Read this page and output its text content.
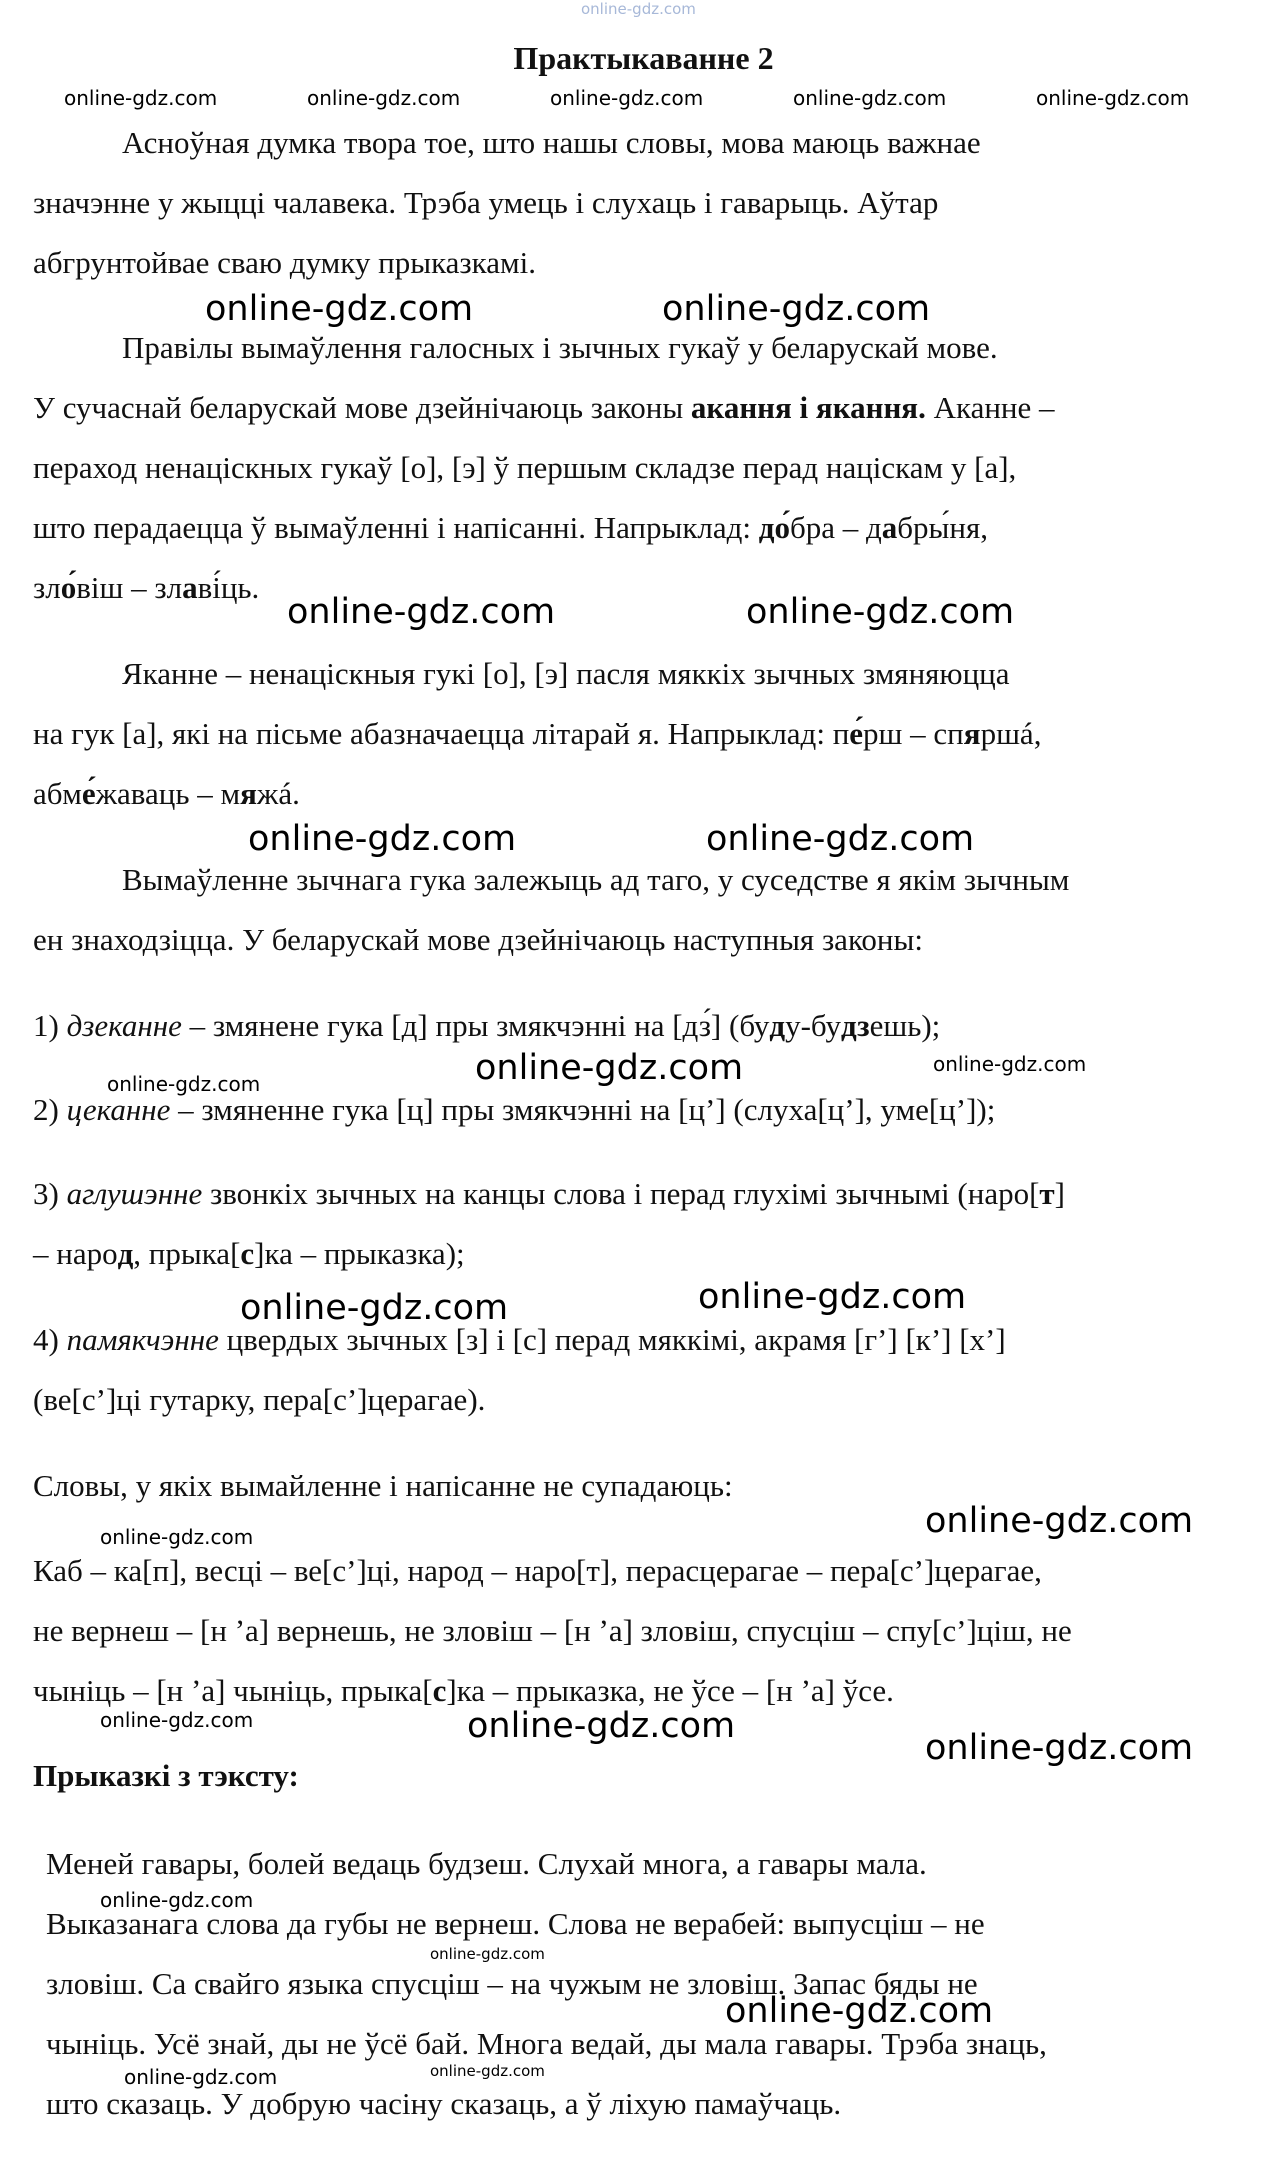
online-gdz.com
online-gdz.com	online-gdz.com	online-gdz.com	online-gdz.com	online-gdz.com
online-gdz.com	online-gdz.com
online-gdz.com	online-gdz.com
online-gdz.com	online-gdz.com
online-gdz.com	online-gdz.com	online-gdz.com
online-gdz.com	online-gdz.com
online-gdz.com	online-gdz.com
online-gdz.com	online-gdz.com
online-gdz.com
online-gdz.com
online-gdz.com
online-gdz.com
online-gdz.com	online-gdz.com
Практыкаванне 2
Асноўная думка твора тое, што нашы словы, мова маюць важнае
значэнне у жыцці чалавека. Трэба умець і слухаць і гаварыць. Аўтар
абгрунтойвае сваю думку прыказкамі.
Правілы вымаўлення галосных і зычных гукаў у беларускай мове.
У сучаснай беларускай мове дзейнічаюць законы акання і якання. Аканне –
пераход ненаціскных гукаў [о], [э] ў першым складзе перад націскам у [а],
што перадаецца ў вымаўленні і напісанні. Напрыклад: до́бра – дабры́ня,
зло́віш – злаві́ць.
Яканне – ненацiскныя гукі [о], [э] пасля мяккіх зычных змяняюцца
на гук [а], які на пісьме абазначаецца літарай я. Напрыклад: пе́рш – спяршá,
абме́жаваць – мяжá.
Вымаўленне зычнага гука залежыць ад таго, у суседстве я якім зычным
ен знаходзіцца. У беларускай мове дзейнічаюць наступныя законы:
1) дзеканне – змянене гука [д] пры змякчэнні на [дз́] (буду-будзешь);
2) цеканне – змяненне гука [ц] пры змякчэнні на [ц’] (слуха[ц’], уме[ц’]);
3) аглушэнне звонкіх зычных на канцы слова і перад глухімі зычнымі (наро[т]
– народ, прыка[с]ка – прыказка);
4) памякчэнне цвердых зычных [з] і [с] перад мяккімі, акрамя [г’] [к’] [х’]
(ве[с’]ці гутарку, пера[с’]церагае).
Словы, у якіх вымайленне і напісанне не супадаюць:
Каб – ка[п], весці – ве[с’]ці, народ – наро[т], перасцерагае – пера[с’]церагае,
не вернеш – [н ʼа] вернешь, не зловіш – [н ʼа] зловіш, спусціш – спу[с’]ціш, не
чыніць – [н ʼа] чыніць, прыка[с]ка – прыказка, не ўсе – [н ʼа] ўсе.
Прыказкі з тэксту:
Меней гавары, болей ведаць будзеш. Слухай многа, а гавары мала.
Выказанага слова да губы не вернеш. Слова не верабей: выпусціш – не
зловіш. Са свайго языка спусціш – на чужым не зловіш. Запас бяды не
чыніць. Усё знай, ды не ўсё бай. Многа ведай, ды мала гавары. Трэба знаць,
што сказаць. У добрую часіну сказаць, а ў ліхую памаўчаць.
